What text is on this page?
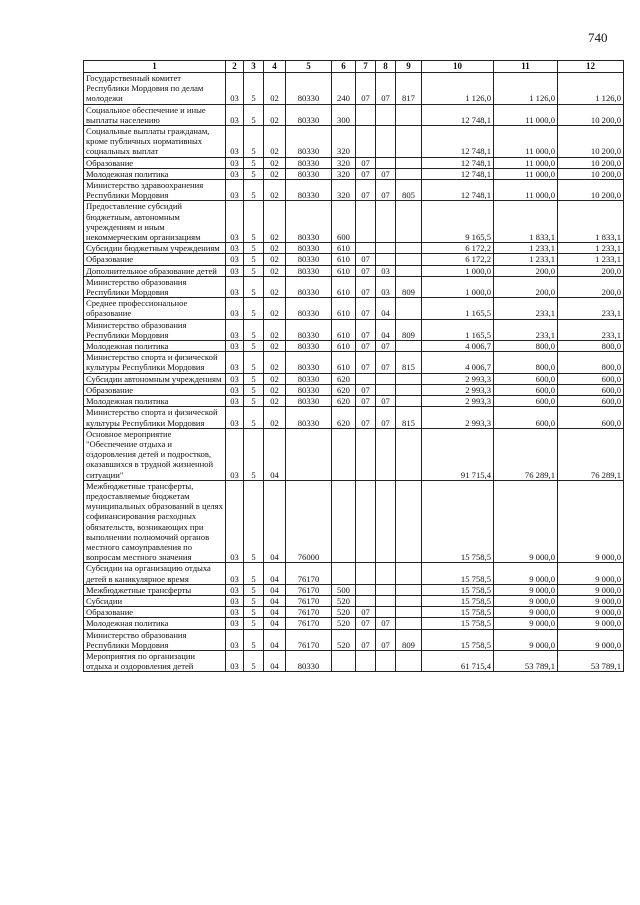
740
1	2	3	4	5	6	7	8	9	10	11	12
Государственный комитет Республики Мордовия по делам молодежи	03	5	02	80330	240	07	07	817	1 126,0	1 126,0	1 126,0
Социальное обеспечение и иные выплаты населению	03	5	02	80330	300				12 748,1	11 000,0	10 200,0
Социальные выплаты гражданам, кроме публичных нормативных социальных выплат	03	5	02	80330	320				12 748,1	11 000,0	10 200,0
Образование	03	5	02	80330	320	07			12 748,1	11 000,0	10 200,0
Молодежная политика	03	5	02	80330	320	07	07		12 748,1	11 000,0	10 200,0
Министерство здравоохранения Республики Мордовия	03	5	02	80330	320	07	07	805	12 748,1	11 000,0	10 200,0
Предоставление субсидий бюджетным, автономным учреждениям и иным некоммерческим организациям	03	5	02	80330	600				9 165,5	1 833,1	1 833,1
Субсидии бюджетным учреждениям	03	5	02	80330	610				6 172,2	1 233,1	1 233,1
Образование	03	5	02	80330	610	07			6 172,2	1 233,1	1 233,1
Дополнительное образование детей	03	5	02	80330	610	07	03		1 000,0	200,0	200,0
Министерство образования Республики Мордовия	03	5	02	80330	610	07	03	809	1 000,0	200,0	200,0
Среднее профессиональное образование	03	5	02	80330	610	07	04		1 165,5	233,1	233,1
Министерство образования Республики Мордовия	03	5	02	80330	610	07	04	809	1 165,5	233,1	233,1
Молодежная политика	03	5	02	80330	610	07	07		4 006,7	800,0	800,0
Министерство спорта и физической культуры Республики Мордовия	03	5	02	80330	610	07	07	815	4 006,7	800,0	800,0
Субсидии автономным учреждениям	03	5	02	80330	620				2 993,3	600,0	600,0
Образование	03	5	02	80330	620	07			2 993,3	600,0	600,0
Молодежная политика	03	5	02	80330	620	07	07		2 993,3	600,0	600,0
Министерство спорта и физической культуры Республики Мордовия	03	5	02	80330	620	07	07	815	2 993,3	600,0	600,0
Основное мероприятие "Обеспечение отдыха и оздоровления детей и подростков, оказавшихся в трудной жизненной ситуации"	03	5	04						91 715,4	76 289,1	76 289,1
Межбюджетные трансферты, предоставляемые бюджетам муниципальных образований в целях софинансирования расходных обязательств, возникающих при выполнении полномочий органов местного самоуправления по вопросам местного значения	03	5	04	76000					15 758,5	9 000,0	9 000,0
Субсидии на организацию отдыха детей в каникулярное время	03	5	04	76170					15 758,5	9 000,0	9 000,0
Межбюджетные трансферты	03	5	04	76170	500				15 758,5	9 000,0	9 000,0
Субсидии	03	5	04	76170	520				15 758,5	9 000,0	9 000,0
Образование	03	5	04	76170	520	07			15 758,5	9 000,0	9 000,0
Молодежная политика	03	5	04	76170	520	07	07		15 758,5	9 000,0	9 000,0
Министерство образования Республики Мордовия	03	5	04	76170	520	07	07	809	15 758,5	9 000,0	9 000,0
Мероприятия по организации отдыха и оздоровления детей	03	5	04	80330					61 715,4	53 789,1	53 789,1
